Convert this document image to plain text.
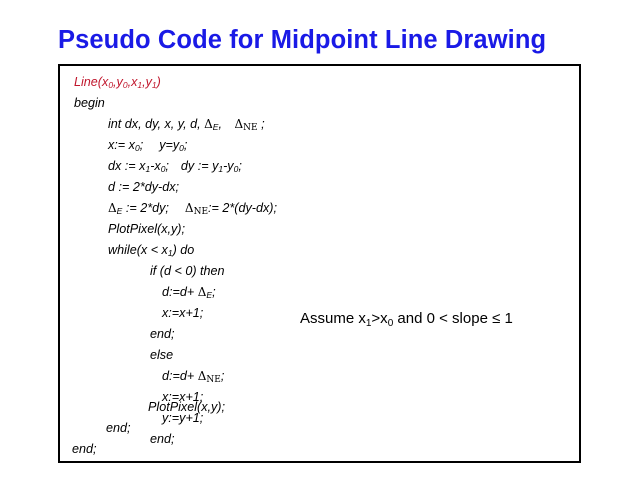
Pseudo Code for Midpoint Line Drawing
$Line(x_0,y_0,x_1,y_1)$
begin
int dx, dy, x, y, d, $\Delta_E$, ΔNE ;
x:= $x_0$; $y=y_0$;
dx := $x_1-x_0$; dy := $y_1-y_0$;
d := 2*dy-dx;
$\Delta_E$ := 2*dy; ΔNE:= 2*(dy-dx);
PlotPixel(x,y);
while(x < $x_1$) do
if (d < 0) then
d:=d+ $\Delta_E$;
x:=x+1;
end;
else
d:=d+ ΔNE;
x:=x+1;
y:=y+1;
end;
Assume $x_1>x_0$ and 0 < slope ≤ 1
PlotPixel(x,y);
end;
end;
